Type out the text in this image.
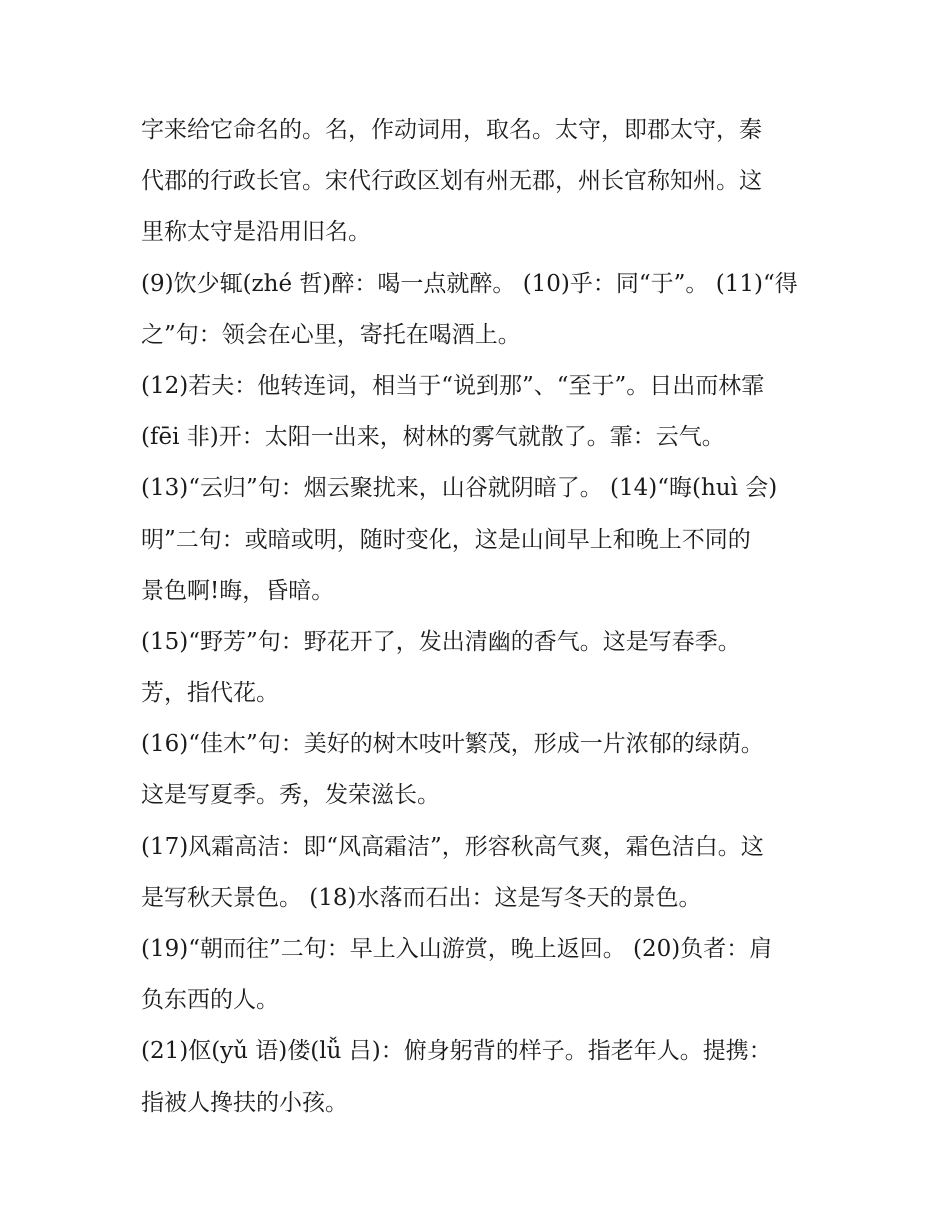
字来给它命名的。名，作动词用，取名。太守，即郡太守，秦
代郡的行政长官。宋代行政区划有州无郡，州长官称知州。这
里称太守是沿用旧名。
(9)饮少辄(zhé 哲)醉：喝一点就醉。 (10)乎：同“于”。 (11)“得
之”句：领会在心里，寄托在喝酒上。
(12)若夫：他转连词，相当于“说到那”、“至于”。日出而林霏
(fēi 非)开：太阳一出来，树林的雾气就散了。霏：云气。
(13)“云归”句：烟云聚扰来，山谷就阴暗了。 (14)“晦(huì 会)
明”二句：或暗或明，随时变化，这是山间早上和晚上不同的
景色啊!晦，昏暗。
(15)“野芳”句：野花开了，发出清幽的香气。这是写春季。
芳，指代花。
(16)“佳木”句：美好的树木吱叶繁茂，形成一片浓郁的绿荫。
这是写夏季。秀，发荣滋长。
(17)风霜高洁：即“风高霜洁”，形容秋高气爽，霜色洁白。这
是写秋天景色。 (18)水落而石出：这是写冬天的景色。
(19)“朝而往”二句：早上入山游赏，晚上返回。 (20)负者：肩
负东西的人。
(21)伛(yǔ 语)偻(lǚ 吕)：俯身躬背的样子。指老年人。提携：
指被人搀扶的小孩。
